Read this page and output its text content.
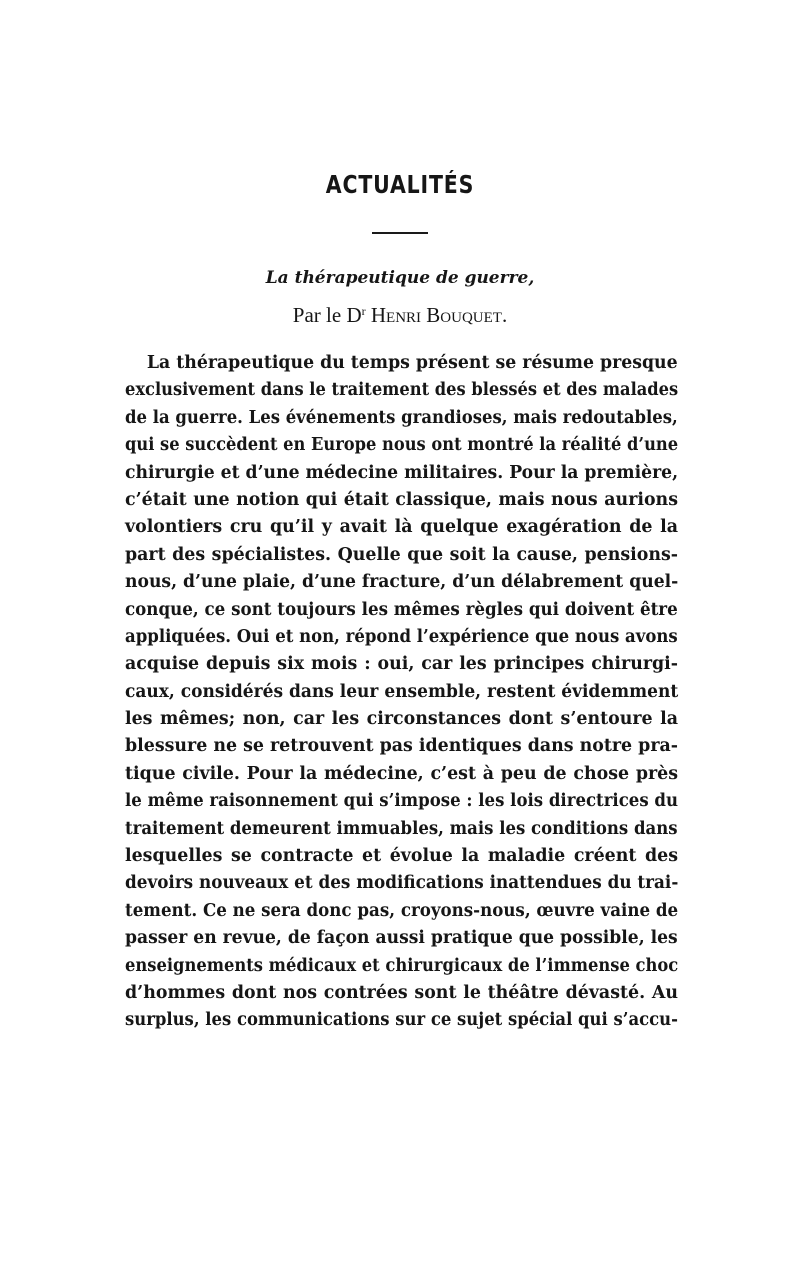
ACTUALITÉS
La thérapeutique de guerre,
Par le $D^r$ Henri Bouquet.
La thérapeutique du temps présent se résume presque
exclusivement dans le traitement des blessés et des malades
de la guerre. Les événements grandioses, mais redoutables,
qui se succèdent en Europe nous ont montré la réalité d’une
chirurgie et d’une médecine militaires. Pour la première,
c’était une notion qui était classique, mais nous aurions
volontiers cru qu’il y avait là quelque exagération de la
part des spécialistes. Quelle que soit la cause, pensions-
nous, d’une plaie, d’une fracture, d’un délabrement quel-
conque, ce sont toujours les mêmes règles qui doivent être
appliquées. Oui et non, répond l’expérience que nous avons
acquise depuis six mois : oui, car les principes chirurgi-
caux, considérés dans leur ensemble, restent évidemment
les mêmes; non, car les circonstances dont s’entoure la
blessure ne se retrouvent pas identiques dans notre pra-
tique civile. Pour la médecine, c’est à peu de chose près
le même raisonnement qui s’impose : les lois directrices du
traitement demeurent immuables, mais les conditions dans
lesquelles se contracte et évolue la maladie créent des
devoirs nouveaux et des modifications inattendues du trai-
tement. Ce ne sera donc pas, croyons-nous, œuvre vaine de
passer en revue, de façon aussi pratique que possible, les
enseignements médicaux et chirurgicaux de l’immense choc
d’hommes dont nos contrées sont le théâtre dévasté. Au
surplus, les communications sur ce sujet spécial qui s’accu-
